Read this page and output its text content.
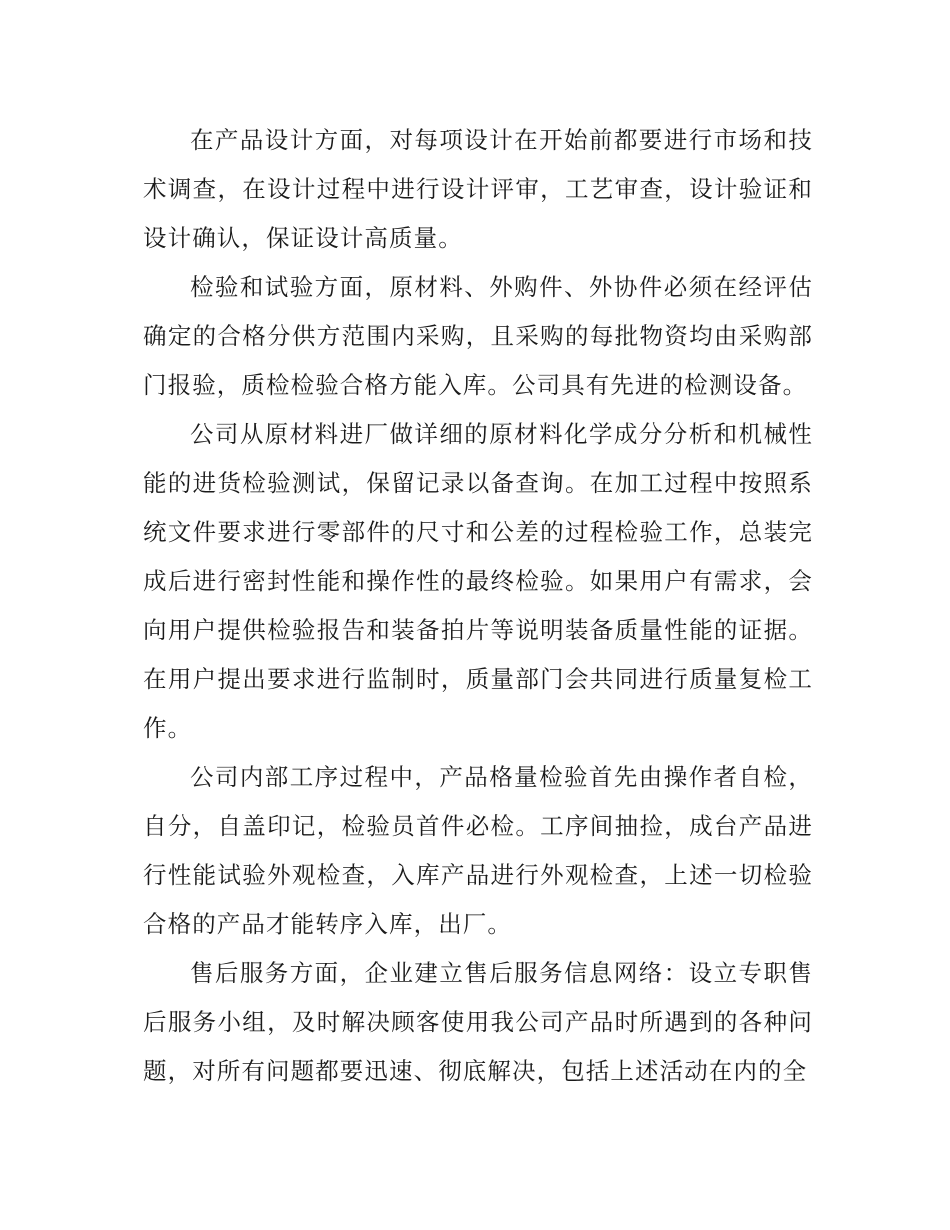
在产品设计方面，对每项设计在开始前都要进行市场和技术调查，在设计过程中进行设计评审，工艺审查，设计验证和设计确认，保证设计高质量。

检验和试验方面，原材料、外购件、外协件必须在经评估确定的合格分供方范围内采购，且采购的每批物资均由采购部门报验，质检检验合格方能入库。公司具有先进的检测设备。

公司从原材料进厂做详细的原材料化学成分分析和机械性能的进货检验测试，保留记录以备查询。在加工过程中按照系统文件要求进行零部件的尺寸和公差的过程检验工作，总装完成后进行密封性能和操作性的最终检验。如果用户有需求，会向用户提供检验报告和装备拍片等说明装备质量性能的证据。在用户提出要求进行监制时，质量部门会共同进行质量复检工作。

公司内部工序过程中，产品格量检验首先由操作者自检，自分，自盖印记，检验员首件必检。工序间抽捡，成台产品进行性能试验外观检查，入库产品进行外观检查，上述一切检验合格的产品才能转序入库，出厂。

售后服务方面，企业建立售后服务信息网络：设立专职售后服务小组，及时解决顾客使用我公司产品时所遇到的各种问题，对所有问题都要迅速、彻底解决，包括上述活动在内的全
